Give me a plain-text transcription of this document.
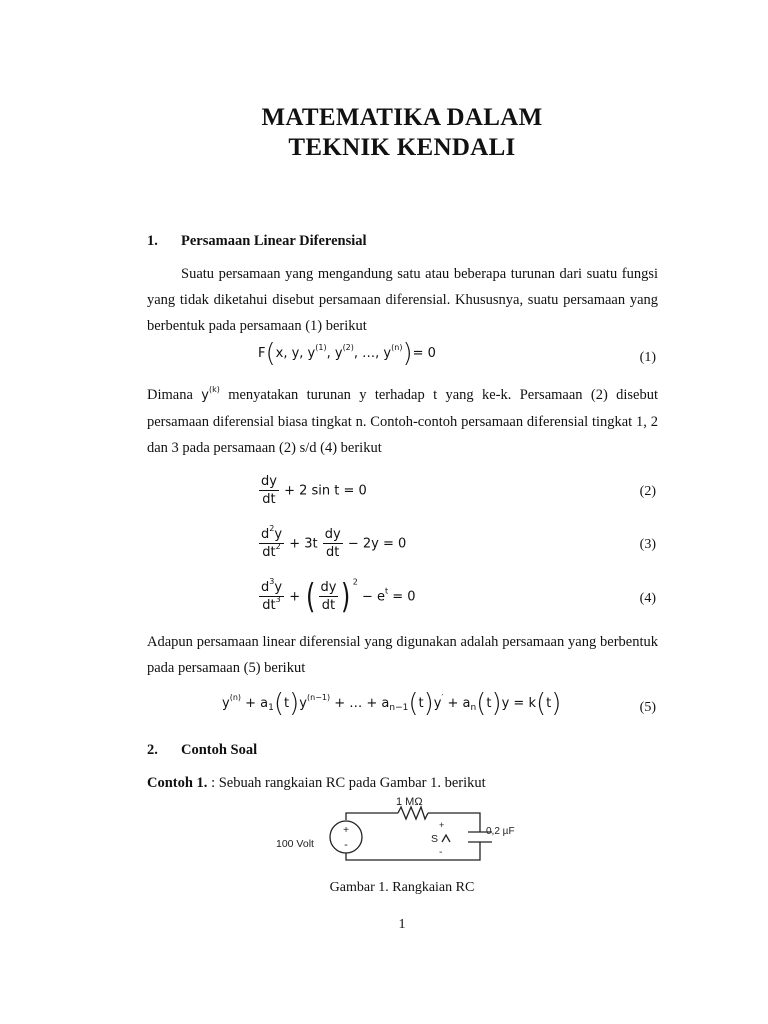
MATEMATIKA DALAM
TEKNIK KENDALI
1. Persamaan Linear Diferensial
Suatu persamaan yang mengandung satu atau beberapa turunan dari suatu fungsi yang tidak diketahui disebut persamaan diferensial. Khususnya, suatu persamaan yang berbentuk pada persamaan (1) berikut
F(x, y, $y^{(1)}$, $y^{(2)}$, …, $y^{(n)})= 0$	(1)
Dimana $y^{(k)}$ menyatakan turunan y terhadap t yang ke-k. Persamaan (2) disebut persamaan diferensial biasa tingkat n. Contoh-contoh persamaan diferensial tingkat 1, 2 dan 3 pada persamaan (2) s/d (4) berikut
$\frac{dy}{dt} + 2$ sin t = 0	(2)
$\frac{d^2y}{dt^2} + 3t \frac{dy}{dt} - 2y = 0$	(3)
$\frac{d^3y}{dt^3}$ + ( $\frac{dy}{dt}$ ) $^2 - e^t = 0$	(4)
Adapun persamaan linear diferensial yang digunakan adalah persamaan yang berbentuk pada persamaan (5) berikut
$y^{(n)} + a_1(t)y^{(n-1)}$ + … + $a_{n-1}(t)y' + a_n(t)y = k(t)$	(5)
2. Contoh Soal
Contoh 1. : Sebuah rangkaian RC pada Gambar 1. berikut
+
-
1 MΩ
100 Volt
+
S
-
0,2 µF
Gambar 1. Rangkaian RC
1
